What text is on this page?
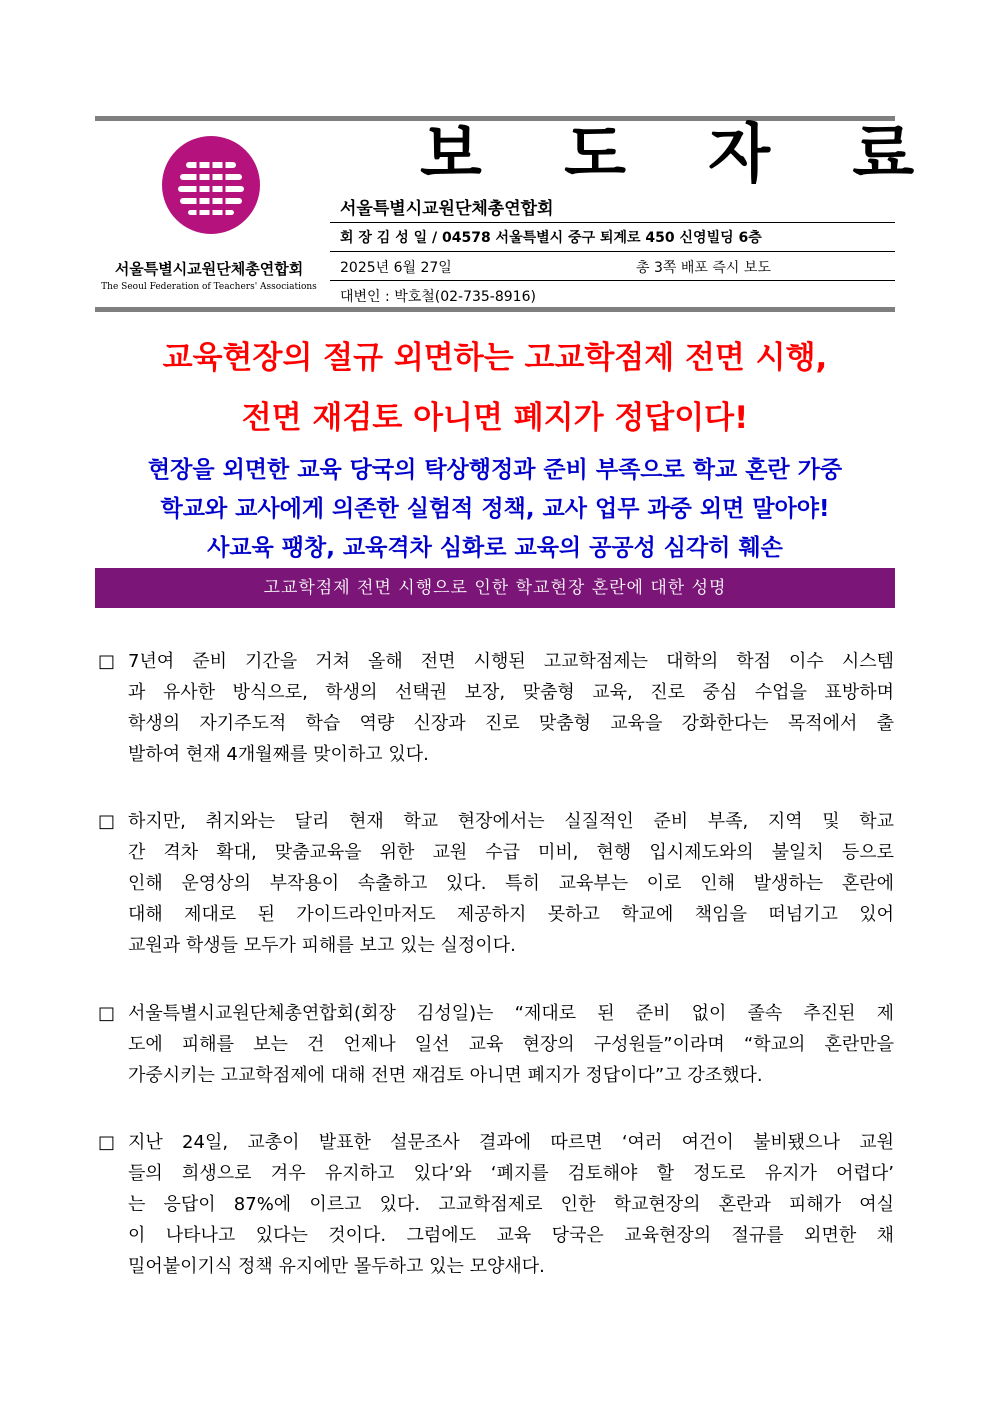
서울특별시교원단체총연합회
The Seoul Federation of Teachers' Associations
보 도 자 료
서울특별시교원단체총연합회
회 장 김 성 일 / 04578 서울특별시 중구 퇴계로 450 신영빌딩 6층
2025년 6월 27일	총 3쪽 배포 즉시 보도
대변인 : 박호철(02-735-8916)
교육현장의 절규 외면하는 고교학점제 전면 시행,
전면 재검토 아니면 폐지가 정답이다!
현장을 외면한 교육 당국의 탁상행정과 준비 부족으로 학교 혼란 가중
학교와 교사에게 의존한 실험적 정책, 교사 업무 과중 외면 말아야!
사교육 팽창, 교육격차 심화로 교육의 공공성 심각히 훼손
고교학점제 전면 시행으로 인한 학교현장 혼란에 대한 성명
□ 7년여 준비 기간을 거쳐 올해 전면 시행된 고교학점제는 대학의 학점 이수 시스템
과 유사한 방식으로, 학생의 선택권 보장, 맞춤형 교육, 진로 중심 수업을 표방하며
학생의 자기주도적 학습 역량 신장과 진로 맞춤형 교육을 강화한다는 목적에서 출
발하여 현재 4개월째를 맞이하고 있다.
□ 하지만, 취지와는 달리 현재 학교 현장에서는 실질적인 준비 부족, 지역 및 학교
간 격차 확대, 맞춤교육을 위한 교원 수급 미비, 현행 입시제도와의 불일치 등으로
인해 운영상의 부작용이 속출하고 있다. 특히 교육부는 이로 인해 발생하는 혼란에
대해 제대로 된 가이드라인마저도 제공하지 못하고 학교에 책임을 떠넘기고 있어
교원과 학생들 모두가 피해를 보고 있는 실정이다.
□ 서울특별시교원단체총연합회(회장 김성일)는 “제대로 된 준비 없이 졸속 추진된 제
도에 피해를 보는 건 언제나 일선 교육 현장의 구성원들”이라며 “학교의 혼란만을
가중시키는 고교학점제에 대해 전면 재검토 아니면 폐지가 정답이다”고 강조했다.
□ 지난 24일, 교총이 발표한 설문조사 결과에 따르면 ‘여러 여건이 불비됐으나 교원
들의 희생으로 겨우 유지하고 있다’와 ‘폐지를 검토해야 할 정도로 유지가 어렵다’
는 응답이 87%에 이르고 있다. 고교학점제로 인한 학교현장의 혼란과 피해가 여실
이 나타나고 있다는 것이다. 그럼에도 교육 당국은 교육현장의 절규를 외면한 채
밀어붙이기식 정책 유지에만 몰두하고 있는 모양새다.
